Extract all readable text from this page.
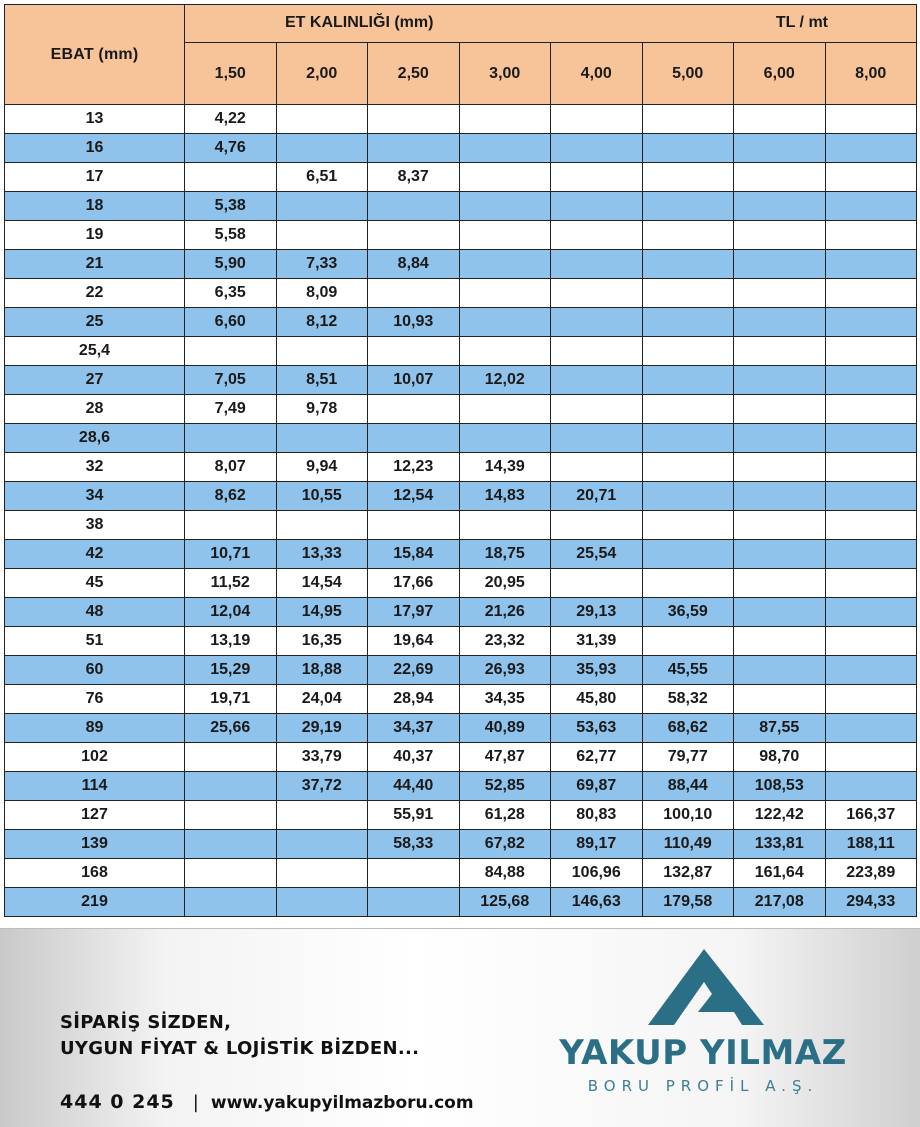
EBAT (mm)	ET KALINLIĞI (mm) TL / mt							

	1,50	2,00	2,50	3,00	4,00	5,00	6,00	8,00
13	4,22							
16	4,76							
17		6,51	8,37					
18	5,38							
19	5,58							
21	5,90	7,33	8,84					
22	6,35	8,09						
25	6,60	8,12	10,93					
25,4								
27	7,05	8,51	10,07	12,02				
28	7,49	9,78						
28,6								
32	8,07	9,94	12,23	14,39				
34	8,62	10,55	12,54	14,83	20,71			
38								
42	10,71	13,33	15,84	18,75	25,54			
45	11,52	14,54	17,66	20,95				
48	12,04	14,95	17,97	21,26	29,13	36,59		
51	13,19	16,35	19,64	23,32	31,39			
60	15,29	18,88	22,69	26,93	35,93	45,55		
76	19,71	24,04	28,94	34,35	45,80	58,32		
89	25,66	29,19	34,37	40,89	53,63	68,62	87,55	
102		33,79	40,37	47,87	62,77	79,77	98,70	
114		37,72	44,40	52,85	69,87	88,44	108,53	
127			55,91	61,28	80,83	100,10	122,42	166,37
139			58,33	67,82	89,17	110,49	133,81	188,11
168				84,88	106,96	132,87	161,64	223,89
219				125,68	146,63	179,58	217,08	294,33
SİPARİŞ SİZDEN,
UYGUN FİYAT & LOJİSTİK BİZDEN...
444 0 245 | www.yakupyilmazboru.com
YAKUP YILMAZ
BORU PROFİL A.Ş.
